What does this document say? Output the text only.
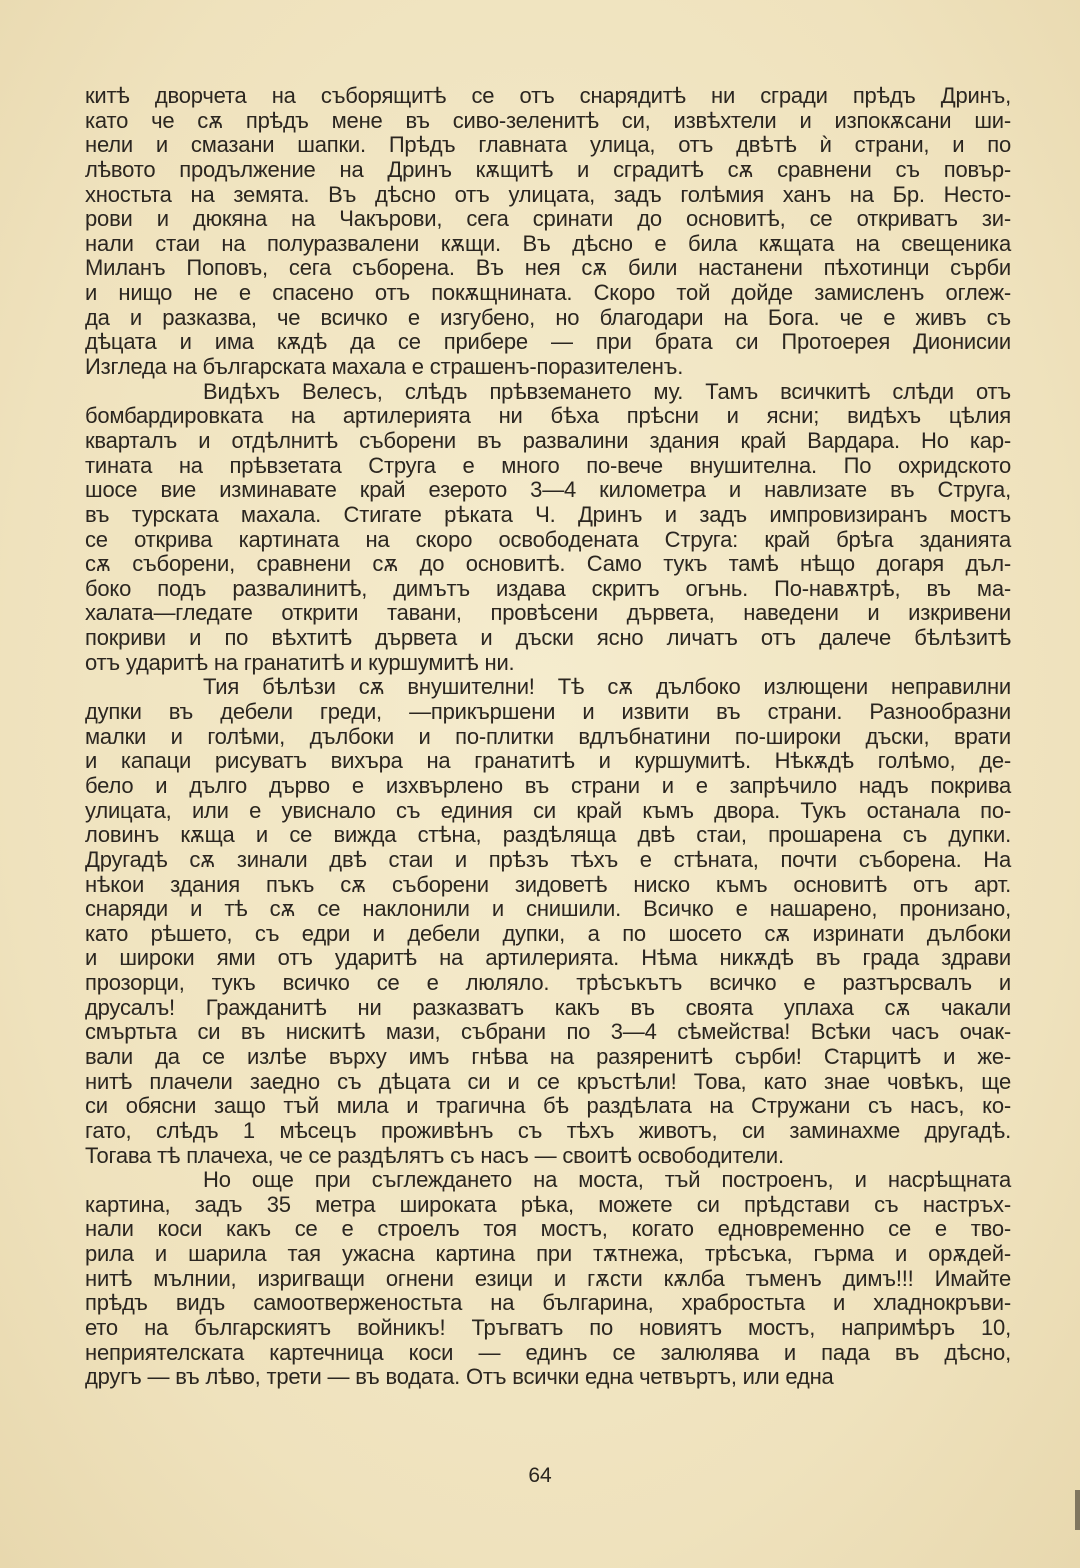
китѣ дворчета на съборящитѣ се отъ снарядитѣ ни сгради прѣдъ Дринъ,
като че сѫ прѣдъ мене въ сиво-зеленитѣ си, извѣхтели и изпокѫсани ши-
нели и смазани шапки. Прѣдъ главната улица, отъ двѣтѣ ѝ страни, и по
лѣвото продължение на Дринъ кѫщитѣ и сградитѣ сѫ сравнени съ повър-
хностьта на земята. Въ дѣсно отъ улицата, задъ голѣмия ханъ на Бр. Несто-
рови и дюкяна на Чакърови, сега сринати до основитѣ, се откриватъ зи-
нали стаи на полуразвалени кѫщи. Въ дѣсно е била кѫщата на свещеника
Миланъ Поповъ, сега съборена. Въ нея сѫ били настанени пѣхотинци сърби
и нищо не е спасено отъ покѫщнината. Скоро той дойде замисленъ оглеж-
да и разказва, че всичко е изгубено, но благодари на Бога. че е живъ съ
дѣцата и има кѫдѣ да се прибере — при брата си Протоерея Дионисии
Изгледа на българската махала е страшенъ-поразителенъ.
Видѣхъ Велесъ, слѣдъ прѣвземането му. Тамъ всичкитѣ слѣди отъ
бомбардировката на артилерията ни бѣха прѣсни и ясни; видѣхъ цѣлия
кварталъ и отдѣлнитѣ съборени въ развалини здания край Вардара. Но кар-
тината на прѣвзетата Струга е много по-вече внушителна. По охридското
шосе вие изминавате край езерото 3—4 километра и навлизате въ Струга,
въ турската махала. Стигате рѣката Ч. Дринъ и задъ импровизиранъ мостъ
се открива картината на скоро освободената Струга: край брѣга зданията
сѫ съборени, сравнени сѫ до основитѣ. Само тукъ тамѣ нѣщо догаря дъл-
боко подъ развалинитѣ, димътъ издава скритъ огънь. По-навѫтрѣ, въ ма-
халата—гледате открити тавани, провѣсени дървета, наведени и изкривени
покриви и по вѣхтитѣ дървета и дъски ясно личатъ отъ далече бѣлѣзитѣ
отъ ударитѣ на гранатитѣ и куршумитѣ ни.
Тия бѣлѣзи сѫ внушителни! Тѣ сѫ дълбоко излющени неправилни
дупки въ дебели греди, —прикършени и извити въ страни. Разнообразни
малки и голѣми, дълбоки и по-плитки вдлъбнатини по-широки дъски, врати
и капаци рисуватъ вихъра на гранатитѣ и куршумитѣ. Нѣкѫдѣ голѣмо, де-
бело и дълго дърво е изхвърлено въ страни и е запрѣчило надъ покрива
улицата, или е увиснало съ единия си край къмъ двора. Тукъ останала по-
ловинъ кѫща и се вижда стѣна, раздѣляща двѣ стаи, прошарена съ дупки.
Другадѣ сѫ зинали двѣ стаи и прѣзъ тѣхъ е стѣната, почти съборена. На
нѣкои здания пъкъ сѫ съборени зидоветѣ ниско къмъ основитѣ отъ арт.
снаряди и тѣ сѫ се наклонили и снишили. Всичко е нашарено, пронизано,
като рѣшето, съ едри и дебели дупки, а по шосето сѫ изринати дълбоки
и широки ями отъ ударитѣ на артилерията. Нѣма никѫдѣ въ града здрави
прозорци, тукъ всичко се е люляло. трѣсъкътъ всичко е разтърсвалъ и
друсалъ! Гражданитѣ ни разказватъ какъ въ своята уплаха сѫ чакали
смъртьта си въ нискитѣ мази, събрани по 3—4 сѣмейства! Всѣки часъ очак-
вали да се излѣе върху имъ гнѣва на разяренитѣ сърби! Старцитѣ и же-
нитѣ плачели заедно съ дѣцата си и се кръстѣли! Това, като знае човѣкъ, ще
си обясни защо тъй мила и трагична бѣ раздѣлата на Стружани съ насъ, ко-
гато, слѣдъ 1 мѣсецъ проживѣнъ съ тѣхъ животъ, си заминахме другадѣ.
Тогава тѣ плачеха, че се раздѣлятъ съ насъ — своитѣ освободители.
Но още при съглеждането на моста, тъй построенъ, и насрѣщната
картина, задъ 35 метра широката рѣка, можете си прѣдстави съ настръх-
нали коси какъ се е строелъ тоя мостъ, когато едновременно се е тво-
рила и шарила тая ужасна картина при тѫтнежа, трѣсъка, гърма и орѫдей-
нитѣ мълнии, изригващи огнени езици и гѫсти кѫлба тъменъ димъ!!! Имайте
прѣдъ видъ самоотверженостьта на българина, храбростьта и хладнокръви-
ето на българскиятъ войникъ! Тръгватъ по новиятъ мостъ, напримѣръ 10,
неприятелската картечница коси — единъ се залюлява и пада въ дѣсно,
другъ — въ лѣво, трети — въ водата. Отъ всички една четвъртъ, или една
64
